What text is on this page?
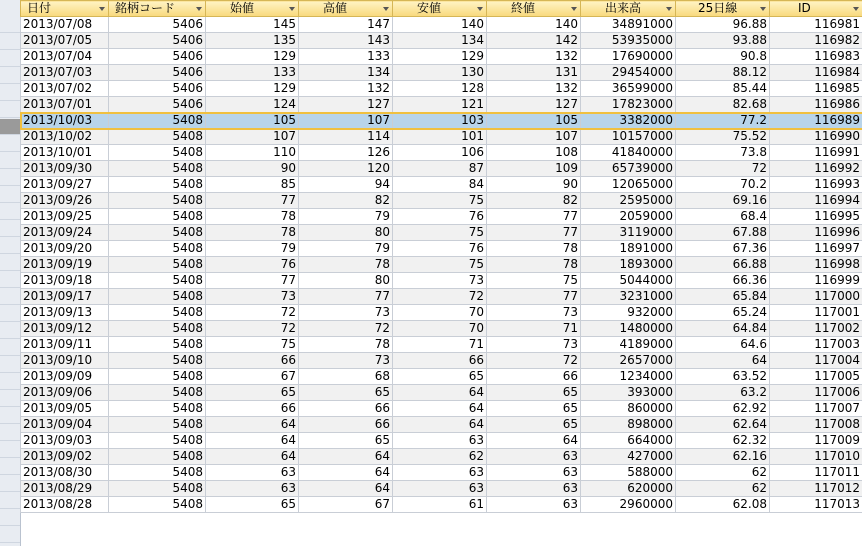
日付	銘柄コード	始値	高値	安値	終値	出来高	25日線	ID

2013/07/08	5406	145	147	140	140	34891000	96.88	116981
2013/07/05	5406	135	143	134	142	53935000	93.88	116982
2013/07/04	5406	129	133	129	132	17690000	90.8	116983
2013/07/03	5406	133	134	130	131	29454000	88.12	116984
2013/07/02	5406	129	132	128	132	36599000	85.44	116985
2013/07/01	5406	124	127	121	127	17823000	82.68	116986
2013/10/03	5408	105	107	103	105	3382000	77.2	116989
2013/10/02	5408	107	114	101	107	10157000	75.52	116990
2013/10/01	5408	110	126	106	108	41840000	73.8	116991
2013/09/30	5408	90	120	87	109	65739000	72	116992
2013/09/27	5408	85	94	84	90	12065000	70.2	116993
2013/09/26	5408	77	82	75	82	2595000	69.16	116994
2013/09/25	5408	78	79	76	77	2059000	68.4	116995
2013/09/24	5408	78	80	75	77	3119000	67.88	116996
2013/09/20	5408	79	79	76	78	1891000	67.36	116997
2013/09/19	5408	76	78	75	78	1893000	66.88	116998
2013/09/18	5408	77	80	73	75	5044000	66.36	116999
2013/09/17	5408	73	77	72	77	3231000	65.84	117000
2013/09/13	5408	72	73	70	73	932000	65.24	117001
2013/09/12	5408	72	72	70	71	1480000	64.84	117002
2013/09/11	5408	75	78	71	73	4189000	64.6	117003
2013/09/10	5408	66	73	66	72	2657000	64	117004
2013/09/09	5408	67	68	65	66	1234000	63.52	117005
2013/09/06	5408	65	65	64	65	393000	63.2	117006
2013/09/05	5408	66	66	64	65	860000	62.92	117007
2013/09/04	5408	64	66	64	65	898000	62.64	117008
2013/09/03	5408	64	65	63	64	664000	62.32	117009
2013/09/02	5408	64	64	62	63	427000	62.16	117010
2013/08/30	5408	63	64	63	63	588000	62	117011
2013/08/29	5408	63	64	63	63	620000	62	117012
2013/08/28	5408	65	67	61	63	2960000	62.08	117013
